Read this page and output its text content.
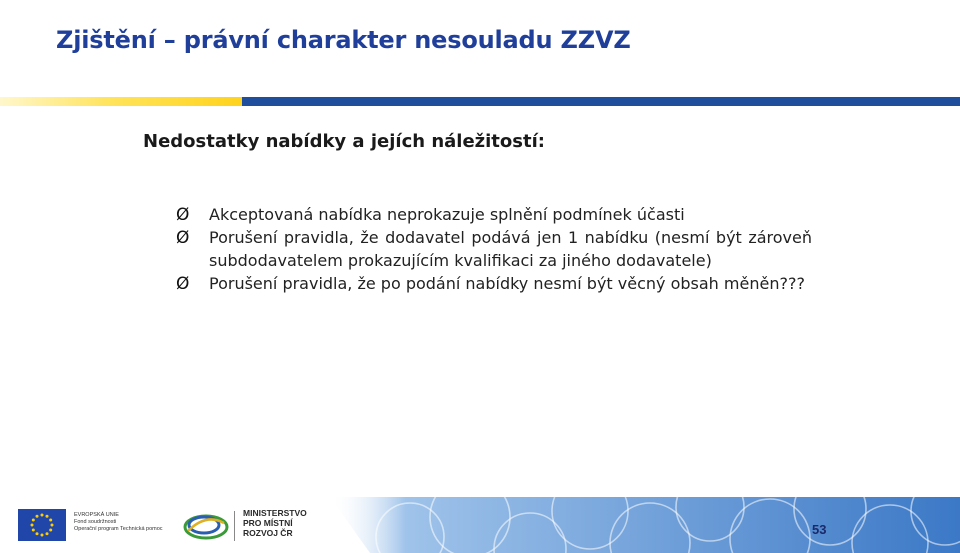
Zjištění – právní charakter nesouladu ZZVZ
Nedostatky nabídky a jejích náležitostí:
Ø Akceptovaná nabídka neprokazuje splnění podmínek účasti
Ø Porušení pravidla, že dodavatel podává jen 1 nabídku (nesmí být zároveň subdodavatelem prokazujícím kvalifikaci za jiného dodavatele)
Ø Porušení pravidla, že po podání nabídky nesmí být věcný obsah měněn???
EVROPSKÁ UNIE
Fond soudržnosti
Operační program Technická pomoc
MINISTERSTVO
PRO MÍSTNÍ
ROZVOJ ČR	53
